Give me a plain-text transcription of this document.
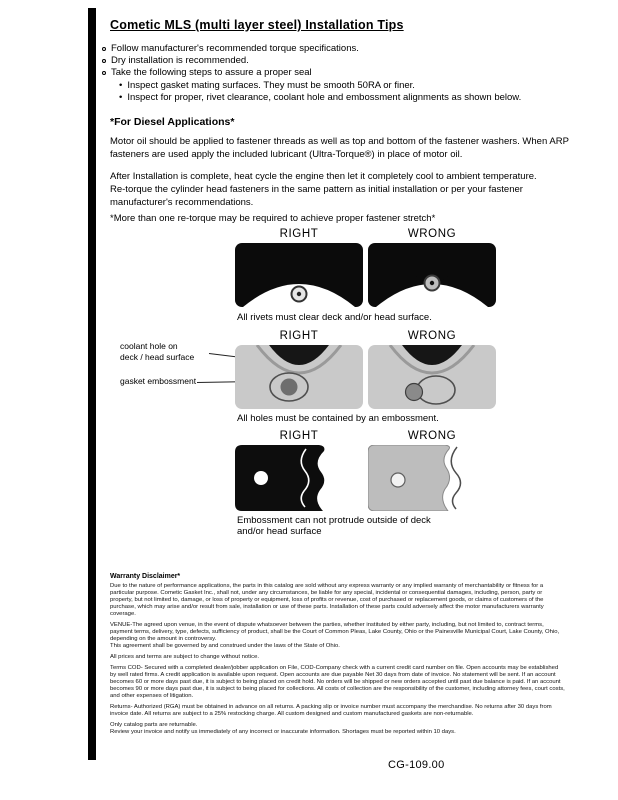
Cometic MLS (multi layer steel) Installation Tips
Follow manufacturer's recommended torque specifications.
Dry installation is recommended.
Take the following steps to assure a proper seal
•
Inspect gasket mating surfaces. They must be smooth 50RA or finer.
•
Inspect for proper, rivet clearance, coolant hole and embossment alignments as shown below.
*For Diesel Applications*
Motor oil should be applied to fastener threads as well as top and bottom of the fastener washers. When ARP fasteners are used apply the included lubricant (Ultra-Torque®) in place of motor oil.
After Installation is complete, heat cycle the engine then let it completely cool to ambient temperature. Re-torque the cylinder head fasteners in the same pattern as initial installation or per your fastener manufacturer's recommendations.
*More than one re-torque may be required to achieve proper fastener stretch*
RIGHT	WRONG
All rivets must clear deck and/or head surface.
RIGHT	WRONG
coolant hole on
deck / head surface
gasket embossment
All holes must be contained by an embossment.
RIGHT	WRONG
Embossment can not protrude outside of deck and/or head surface
Warranty Disclaimer*

Due to the nature of performance applications, the parts in this catalog are sold without any express warranty or any implied warranty of merchantability or fitness for a particular purpose. Cometic Gasket Inc., shall not, under any circumstances, be liable for any special, incidental or consequential damages, including, person, party or property, but not limited to, damage, or loss of property or equipment, loss of profits or revenue, cost of purchased or replacement goods, or claims of customers of the purchase, which may arise and/or result from sale, installation or use of these parts. Installation of these parts could adversely affect the motor manufacturers warranty coverage.

VENUE-The agreed upon venue, in the event of dispute whatsoever between the parties, whether instituted by either party, including, but not limited to, contract terms, payment terms, delivery, type, defects, sufficiency of product, shall be the Court of Common Pleas, Lake County, Ohio or the Painesville Municipal Court, Lake County, Ohio, depending on the amount in controversy.

This agreement shall be governed by and construed under the laws of the State of Ohio.

All prices and terms are subject to change without notice.

Terms COD- Secured with a completed dealer/jobber application on File, COD-Company check with a current credit card number on file. Open accounts may be established by well rated firms. A credit application is available upon request. Open accounts are due payable Net 30 days from date of invoice. No statement will be sent. If an account becomes 60 or more days past due, it is subject to being placed on credit hold. No orders will be shipped or new orders accepted until past due balance is paid. If an account becomes 90 or more days past due, it is subject to being placed for collections. All costs of collection are the responsibility of the customer, including attorney fees, court costs, and other expenses of litigation.

Returns- Authorized (RGA) must be obtained in advance on all returns. A packing slip or invoice number must accompany the merchandise. No returns after 30 days from invoice date. All returns are subject to a 25% restocking charge. All custom designed and custom manufactured gaskets are non-returnable.

Only catalog parts are returnable.

Review your invoice and notify us immediately of any incorrect or inaccurate information. Shortages must be reported within 10 days.

CG-109.00
